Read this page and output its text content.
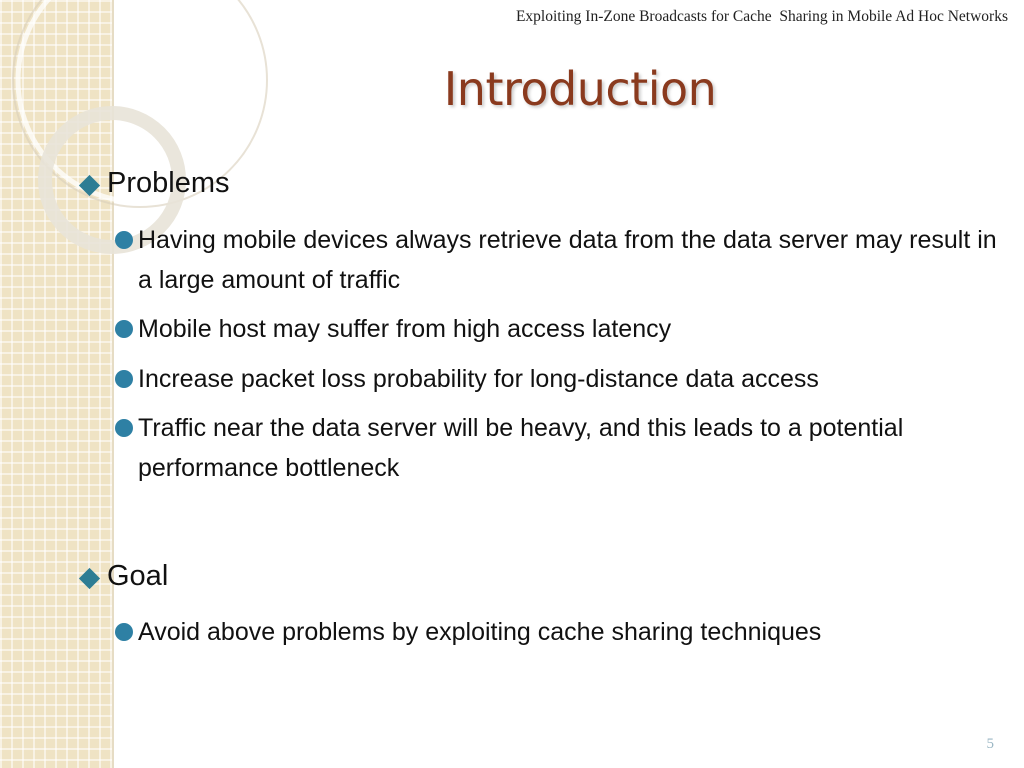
Exploiting In-Zone Broadcasts for Cache  Sharing in Mobile Ad Hoc Networks
Introduction
Problems
Having mobile devices always retrieve data from the data server may result in a large amount of traffic
Mobile host may suffer from high access latency
Increase packet loss probability for long-distance data access
Traffic near the data server will be heavy, and this leads to a potential performance bottleneck
Goal
Avoid above problems by exploiting cache sharing techniques
5
